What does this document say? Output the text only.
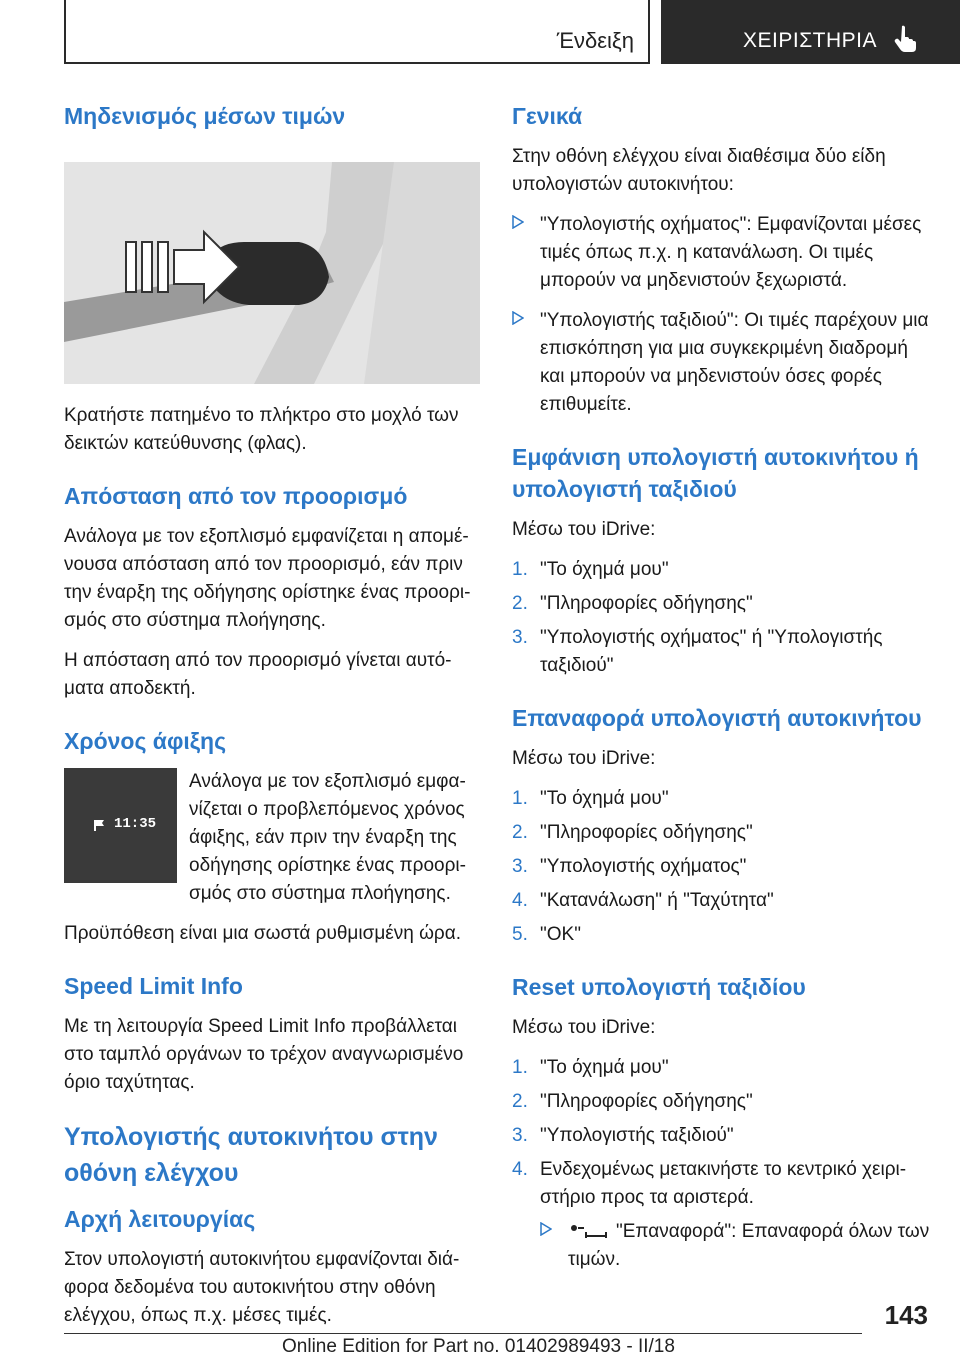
Ένδειξη	ΧΕΙΡΙΣΤΗΡΙΑ
Μηδενισμός μέσων τιμών

Κρατήστε πατημένο το πλήκτρο στο μοχλό των δεικτών κατεύθυνσης (φλας).

Απόσταση από τον προορισμό

Ανάλογα με τον εξοπλισμό εμφανίζεται η απομένουσα απόσταση από τον προορισμό, εάν πριν την έναρξη της οδήγησης ορίστηκε ένας προορισμός στο σύστημα πλοήγησης.

Η απόσταση από τον προορισμό γίνεται αυτόματα αποδεκτή.

Χρόνος άφιξης
11:35

Ανάλογα με τον εξοπλισμό εμφανίζεται ο προβλεπόμενος χρόνος άφιξης, εάν πριν την έναρξη της οδήγησης ορίστηκε ένας προορισμός στο σύστημα πλοήγησης.

Προϋπόθεση είναι μια σωστά ρυθμισμένη ώρα.

Speed Limit Info

Με τη λειτουργία Speed Limit Info προβάλλεται στο ταμπλό οργάνων το τρέχον αναγνωρισμένο όριο ταχύτητας.

Υπολογιστής αυτοκινήτου στην οθόνη ελέγχου
Αρχή λειτουργίας

Στον υπολογιστή αυτοκινήτου εμφανίζονται διάφορα δεδομένα του αυτοκινήτου στην οθόνη ελέγχου, όπως π.χ. μέσες τιμές.

Γενικά

Στην οθόνη ελέγχου είναι διαθέσιμα δύο είδη υπολογιστών αυτοκινήτου:

"Υπολογιστής οχήματος": Εμφανίζονται μέσες τιμές όπως π.χ. η κατανάλωση. Οι τιμές μπορούν να μηδενιστούν ξεχωριστά.
"Υπολογιστής ταξιδιού": Οι τιμές παρέχουν μια επισκόπηση για μια συγκεκριμένη διαδρομή και μπορούν να μηδενιστούν όσες φορές επιθυμείτε.
Εμφάνιση υπολογιστή αυτοκινήτου ή υπολογιστή ταξιδιού

Μέσω του iDrive:

1. "Το όχημά μου"
2. "Πληροφορίες οδήγησης"
3. "Υπολογιστής οχήματος" ή "Υπολογιστής ταξιδιού"
Επαναφορά υπολογιστή αυτοκινήτου

Μέσω του iDrive:

1. "Το όχημά μου"
2. "Πληροφορίες οδήγησης"
3. "Υπολογιστής οχήματος"
4. "Κατανάλωση" ή "Ταχύτητα"
5. "OK"
Reset υπολογιστή ταξιδίου

Μέσω του iDrive:

1. "Το όχημά μου"
2. "Πληροφορίες οδήγησης"
3. "Υπολογιστής ταξιδιού"
4. Ενδεχομένως μετακινήστε το κεντρικό χειριστήριο προς τα αριστερά.
"Επαναφορά": Επαναφορά όλων των τιμών.
143
Online Edition for Part no. 01402989493 - II/18
